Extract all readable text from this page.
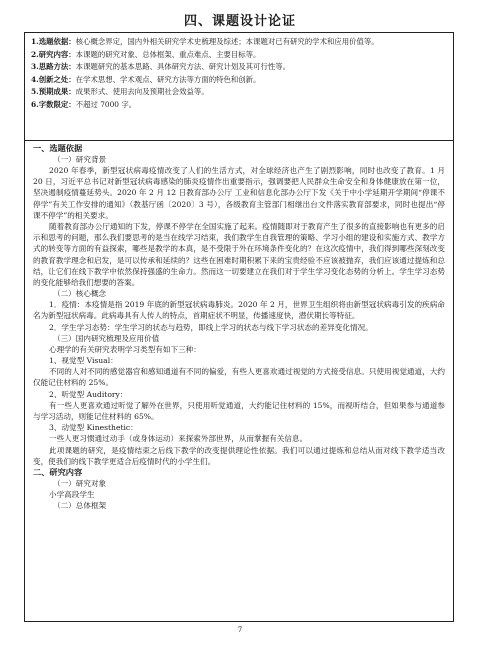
四、课题设计论证
1.选题依据：核心概念界定，国内外相关研究学术史梳理及综述；本课题对已有研究的学术和应用价值等。
2.研究内容：本课题的研究对象、总体框架、重点难点、主要目标等。
3.思路方法：本课题研究的基本思路、具体研究方法、研究计划及其可行性等。
4.创新之处：在学术思想、学术观点、研究方法等方面的特色和创新。
5.预期成果：成果形式、使用去向及预期社会效益等。
6.字数限定：不超过 7000 字。
一、选题依据
（一）研究背景
2020 年春季，新型冠状病毒疫情改变了人们的生活方式，对全球经济也产生了剧烈影响，同时也改变了教育。1 月 20 日，习近平总书记对新型冠状病毒感染的肺炎疫情作出重要指示，强调要把人民群众生命安全和身体健康放在第一位，坚决遏制疫情蔓延势头。2020 年 2 月 12 日教育部办公厅 工业和信息化部办公厅下发《关于中小学延期开学期间“停课不停学”有关工作安排的通知》（教基厅函〔2020〕3 号），各级教育主管部门相继出台文件落实教育部要求，同时也提出“停课不停学”的相关要求。
随着教育部办公厅通知的下发，停课不停学在全国实施了起来。疫情随即对于教育产生了很多的直接影响也有更多的启示和思考的问题，那么我们要思考的是当在线学习结束，我们教学生自我管理的策略、学习小组的建设和实施方式、教学方式的转变等方面的有益探索，哪些是教学的本真，是不受限于外在环境条件变化的？在这次疫情中，我们得到哪些深刻改变的教育教学理念和启发，是可以传承和延续的？这些在困难时期积累下来的宝贵经验不应该被抛弃，我们应该通过提炼和总结，让它们在线下教学中依然保持强盛的生命力。然而这一切要建立在我们对于学生学习变化态势的分析上。学生学习态势的变化能够给我们想要的答案。
（二）核心概念
1．疫情：本疫情是指 2019 年底的新型冠状病毒肺炎。2020 年 2 月，世界卫生组织将由新型冠状病毒引发的疾病命名为新型冠状病毒。此病毒具有人传人的特点，首期症状不明显，传播速度快，潜伏期长等特征。
2．学生学习态势：学生学习的状态与趋势，即线上学习的状态与线下学习状态的差异变化情况。
（三）国内研究梳理及应用价值
心理学的有关研究表明学习类型有如下三种：
1、视觉型 Visual：
不同的人对不同的感觉器官和感知通道有不同的偏爱，有些人更喜欢通过视觉的方式接受信息。只使用视觉通道，大约仅能记住材料的 25%。
2、听觉型 Auditory：
有一些人更喜欢通过听觉了解外在世界，只使用听觉通道，大约能记住材料的 15%，而视听结合，但如果参与通道参与学习活动，则能记住材料的 65%。
3、动觉型 Kinesthetic：
一些人更习惯通过动手（或身体运动）来探索外部世界，从而掌握有关信息。
此项课题的研究，是疫情结束之后线下教学的改变提供理论性依据。我们可以通过提炼和总结从而对线下教学适当改变，使我们的线下教学更适合后疫情时代的小学生们。
二、研究内容
（一）研究对象
小学高段学生
（二）总体框架
7
